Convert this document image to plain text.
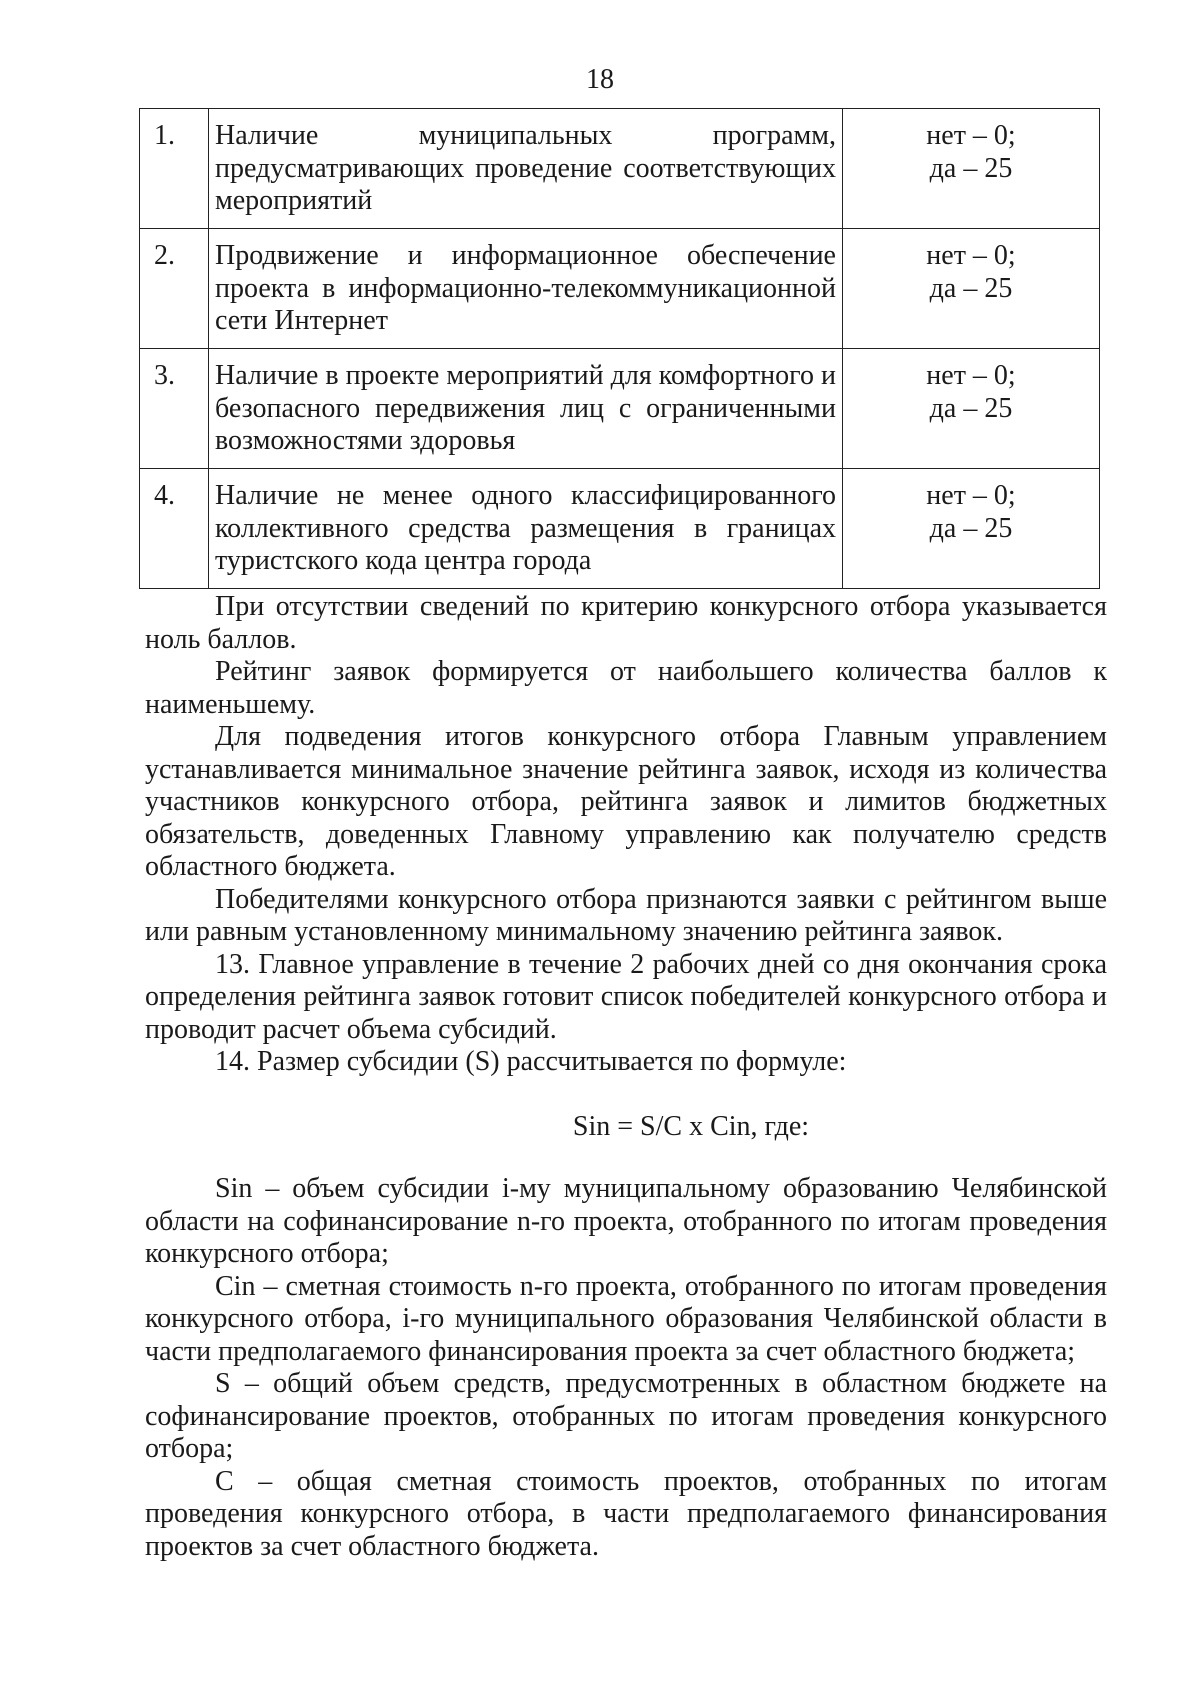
18
1.	Наличие муниципальных программ, предусматривающих проведение соответствующих мероприятий	нет – 0;
да – 25

2.	Продвижение и информационное обеспечение проекта в информационно-телекоммуникационной сети Интернет	нет – 0;
да – 25

3.	Наличие в проекте мероприятий для комфортного и безопасного передвижения лиц с ограниченными возможностями здоровья	нет – 0;
да – 25

4.	Наличие не менее одного классифицированного коллективного средства размещения в границах туристского кода центра города	нет – 0;
да – 25

При отсутствии сведений по критерию конкурсного отбора указывается ноль баллов.

Рейтинг заявок формируется от наибольшего количества баллов к наименьшему.

Для подведения итогов конкурсного отбора Главным управлением устанавливается минимальное значение рейтинга заявок, исходя из количества участников конкурсного отбора, рейтинга заявок и лимитов бюджетных обязательств, доведенных Главному управлению как получателю средств областного бюджета.

Победителями конкурсного отбора признаются заявки с рейтингом выше или равным установленному минимальному значению рейтинга заявок.

13. Главное управление в течение 2 рабочих дней со дня окончания срока определения рейтинга заявок готовит список победителей конкурсного отбора и проводит расчет объема субсидий.

14. Размер субсидии (S) рассчитывается по формуле:

Sin = S/C x Cin, где:

Sin – объем субсидии i-му муниципальному образованию Челябинской области на софинансирование n-го проекта, отобранного по итогам проведения конкурсного отбора;

Cin – сметная стоимость n-го проекта, отобранного по итогам проведения конкурсного отбора, i-го муниципального образования Челябинской области в части предполагаемого финансирования проекта за счет областного бюджета;

S – общий объем средств, предусмотренных в областном бюджете на софинансирование проектов, отобранных по итогам проведения конкурсного отбора;

C – общая сметная стоимость проектов, отобранных по итогам проведения конкурсного отбора, в части предполагаемого финансирования проектов за счет областного бюджета.
